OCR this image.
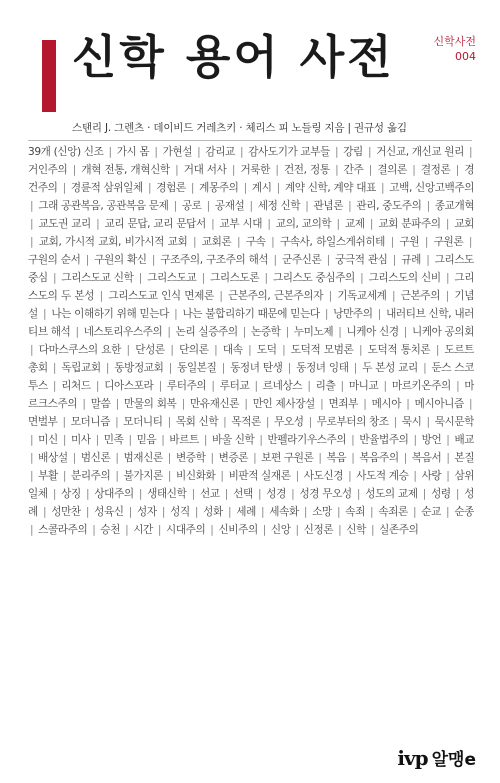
신학 용어 사전	신학사전
004
스탠리 J. 그렌츠 · 데이비드 거레츠키 · 체리스 피 노들링 지음 | 권규성 옮김
39개 (신앙) 신조 | 가시 몸 | 가현설 | 감리교 | 감사도기가 교부들 | 강림 | 거신교, 개신교 원리 | 거인주의 | 개혁 전통, 개혁신학 | 거대 서사 | 거룩한 | 건전, 정통 | 간주 | 결의론 | 결정론 | 경건주의 | 경륜적 삼위일체 | 경험론 | 계몽주의 | 계시 | 계약 신학, 계약 대표 | 고백, 신앙고백주의 | 그래 공관복음, 공관복음 문제 | 공로 | 공재설 | 세정 신학 | 관념론 | 관리, 중도주의 | 종교개혁 | 교도권 교리 | 교리 문답, 교리 문답서 | 교부 시대 | 교의, 교의학 | 교제 | 교회 분파주의 | 교회 | 교회, 가시적 교회, 비가시적 교회 | 교회론 | 구속 | 구속사, 하일스게쉬히테 | 구원 | 구원론 | 구원의 순서 | 구원의 확신 | 구조주의, 구조주의 해석 | 군주신론 | 궁극적 관심 | 규례 | 그리스도 중심 | 그리스도교 신학 | 그리스도교 | 그리스도론 | 그리스도 중심주의 | 그리스도의 신비 | 그리스도의 두 본성 | 그리스도교 인식 면제론 | 근본주의, 근본주의자 | 기독교세계 | 근본주의 | 기념설 | 나는 이해하기 위해 믿는다 | 나는 불합리하기 때문에 믿는다 | 낭만주의 | 내러티브 신학, 내러티브 해석 | 네스토리우스주의 | 논리 실증주의 | 논증학 | 누미노제 | 니케아 신경 | 니케아 공의회 | 다마스쿠스의 요한 | 단성론 | 단의론 | 대속 | 도덕 | 도덕적 모범론 | 도덕적 통치론 | 도르트 총회 | 독립교회 | 동방정교회 | 동일본질 | 동정녀 탄생 | 동정녀 잉태 | 두 본성 교리 | 둔스 스코투스 | 리처드 | 디아스포라 | 루터주의 | 루터교 | 르네상스 | 리츨 | 마니교 | 마르키온주의 | 마르크스주의 | 말씀 | 만물의 회복 | 만유재신론 | 만인 제사장설 | 면죄부 | 메시아 | 메시아니즘 | 면벌부 | 모더니즘 | 모더니티 | 목회 신학 | 목적론 | 무오성 | 무로부터의 창조 | 묵시 | 묵시문학 | 미신 | 미사 | 민족 | 믿음 | 바르트 | 바울 신학 | 반펠라기우스주의 | 반율법주의 | 방언 | 배교 | 배상설 | 범신론 | 범재신론 | 변증학 | 변증론 | 보편 구원론 | 복음 | 복음주의 | 복음서 | 본질 | 부활 | 분리주의 | 불가지론 | 비신화화 | 비판적 실재론 | 사도신경 | 사도적 계승 | 사랑 | 삼위일체 | 상징 | 상대주의 | 생태신학 | 선교 | 선택 | 성경 | 성경 무오성 | 성도의 교제 | 성령 | 성례 | 성만찬 | 성육신 | 성자 | 성직 | 성화 | 세례 | 세속화 | 소망 | 속죄 | 속죄론 | 순교 | 순종 | 스콜라주의 | 승천 | 시간 | 시대주의 | 신비주의 | 신앙 | 신정론 | 신학 | 실존주의
ivp 알맹e
